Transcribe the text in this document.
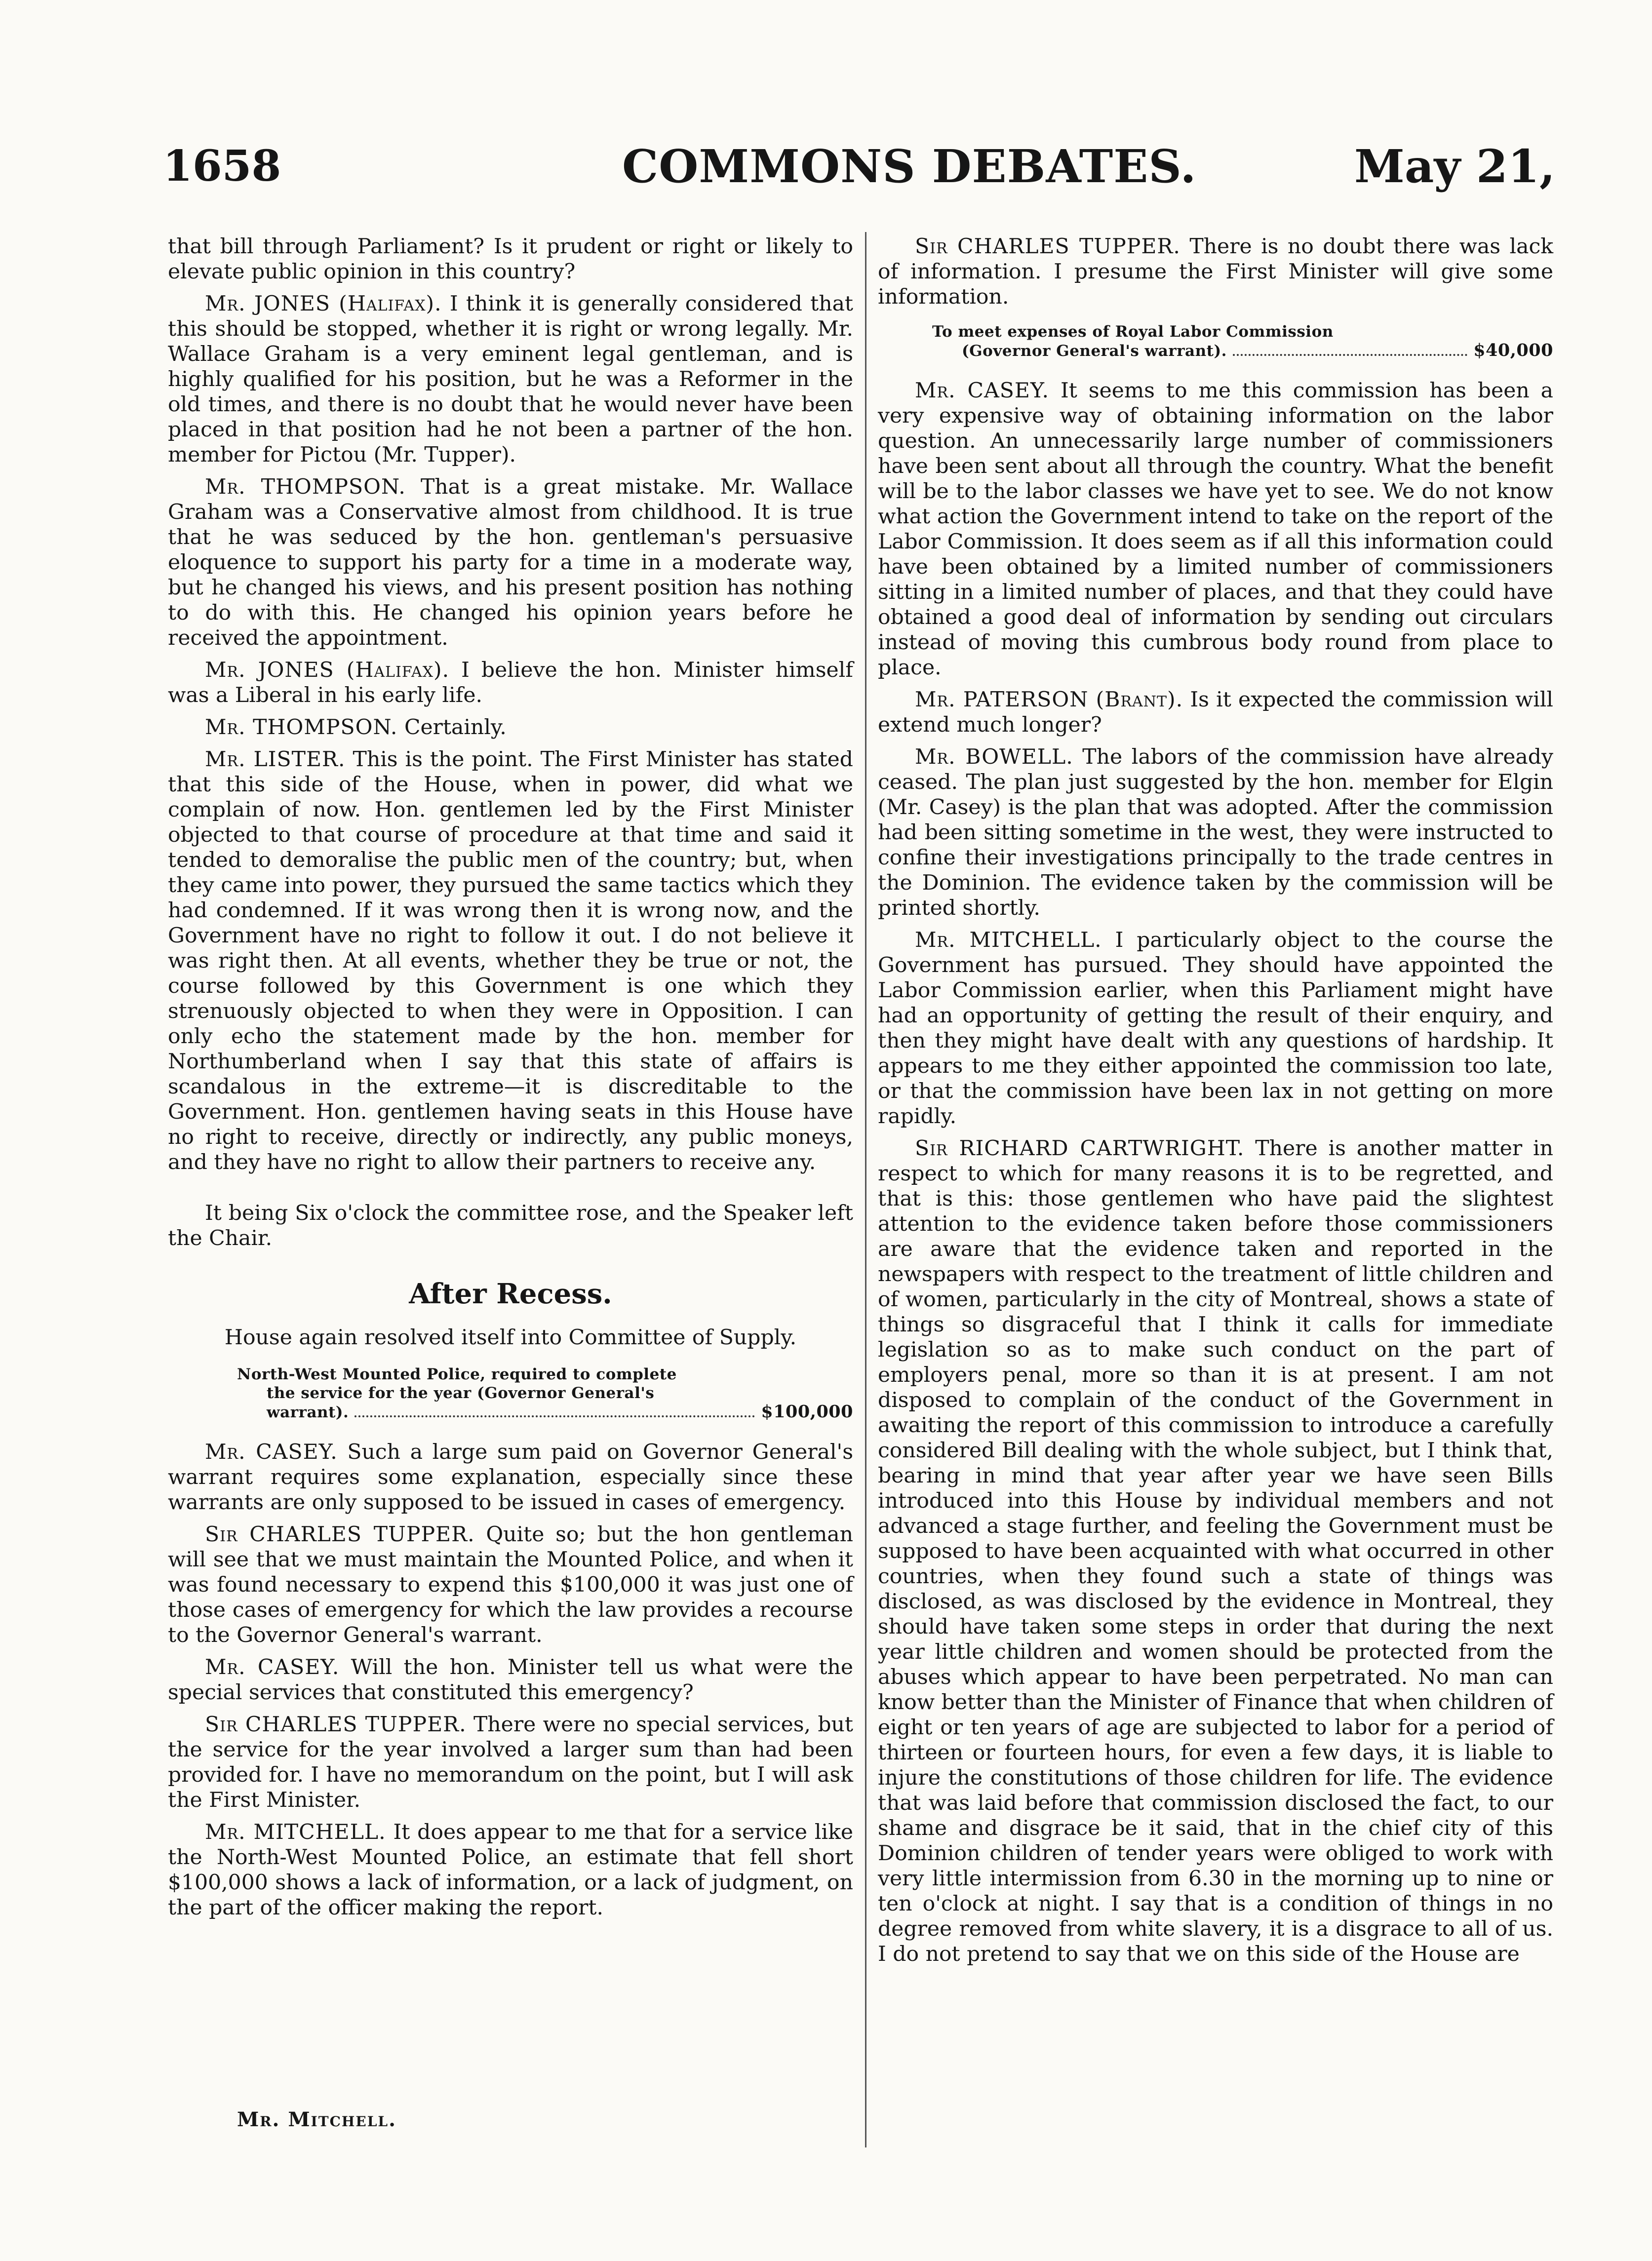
1658	COMMONS DEBATES.	May 21,

that bill through Parliament? Is it prudent or right or likely to elevate public opinion in this country?

Mr. JONES (Halifax). I think it is generally considered that this should be stopped, whether it is right or wrong legally. Mr. Wallace Graham is a very eminent legal gentleman, and is highly qualified for his position, but he was a Reformer in the old times, and there is no doubt that he would never have been placed in that position had he not been a partner of the hon. member for Pictou (Mr. Tupper).

Mr. THOMPSON. That is a great mistake. Mr. Wallace Graham was a Conservative almost from childhood. It is true that he was seduced by the hon. gentleman's persuasive eloquence to support his party for a time in a moderate way, but he changed his views, and his present position has nothing to do with this. He changed his opinion years before he received the appointment.

Mr. JONES (Halifax). I believe the hon. Minister himself was a Liberal in his early life.

Mr. THOMPSON. Certainly.

Mr. LISTER. This is the point. The First Minister has stated that this side of the House, when in power, did what we complain of now. Hon. gentlemen led by the First Minister objected to that course of procedure at that time and said it tended to demoralise the public men of the country; but, when they came into power, they pursued the same tactics which they had condemned. If it was wrong then it is wrong now, and the Government have no right to follow it out. I do not believe it was right then. At all events, whether they be true or not, the course followed by this Government is one which they strenuously objected to when they were in Opposition. I can only echo the statement made by the hon. member for Northumberland when I say that this state of affairs is scandalous in the extreme—it is discreditable to the Government. Hon. gentlemen having seats in this House have no right to receive, directly or indirectly, any public moneys, and they have no right to allow their partners to receive any.

It being Six o'clock the committee rose, and the Speaker left the Chair.

After Recess.

House again resolved itself into Committee of Supply.

North-West Mounted Police, required to complete
the service for the year (Governor General's
warrant).	$100,000

Mr. CASEY. Such a large sum paid on Governor General's warrant requires some explanation, especially since these warrants are only supposed to be issued in cases of emergency.

Sir CHARLES TUPPER. Quite so; but the hon gentleman will see that we must maintain the Mounted Police, and when it was found necessary to expend this $100,000 it was just one of those cases of emergency for which the law provides a recourse to the Governor General's warrant.

Mr. CASEY. Will the hon. Minister tell us what were the special services that constituted this emergency?

Sir CHARLES TUPPER. There were no special services, but the service for the year involved a larger sum than had been provided for. I have no memorandum on the point, but I will ask the First Minister.

Mr. MITCHELL. It does appear to me that for a service like the North-West Mounted Police, an estimate that fell short $100,000 shows a lack of information, or a lack of judgment, on the part of the officer making the report.

Sir CHARLES TUPPER. There is no doubt there was lack of information. I presume the First Minister will give some information.

To meet expenses of Royal Labor Commission
(Governor General's warrant).	$40,000

Mr. CASEY. It seems to me this commission has been a very expensive way of obtaining information on the labor question. An unnecessarily large number of commissioners have been sent about all through the country. What the benefit will be to the labor classes we have yet to see. We do not know what action the Government intend to take on the report of the Labor Commission. It does seem as if all this information could have been obtained by a limited number of commissioners sitting in a limited number of places, and that they could have obtained a good deal of information by sending out circulars instead of moving this cumbrous body round from place to place.

Mr. PATERSON (Brant). Is it expected the commission will extend much longer?

Mr. BOWELL. The labors of the commission have already ceased. The plan just suggested by the hon. member for Elgin (Mr. Casey) is the plan that was adopted. After the commission had been sitting sometime in the west, they were instructed to confine their investigations principally to the trade centres in the Dominion. The evidence taken by the commission will be printed shortly.

Mr. MITCHELL. I particularly object to the course the Government has pursued. They should have appointed the Labor Commission earlier, when this Parliament might have had an opportunity of getting the result of their enquiry, and then they might have dealt with any questions of hardship. It appears to me they either appointed the commission too late, or that the commission have been lax in not getting on more rapidly.

Sir RICHARD CARTWRIGHT. There is another matter in respect to which for many reasons it is to be regretted, and that is this: those gentlemen who have paid the slightest attention to the evidence taken before those commissioners are aware that the evidence taken and reported in the newspapers with respect to the treatment of little children and of women, particularly in the city of Montreal, shows a state of things so disgraceful that I think it calls for immediate legislation so as to make such conduct on the part of employers penal, more so than it is at present. I am not disposed to complain of the conduct of the Government in awaiting the report of this commission to introduce a carefully considered Bill dealing with the whole subject, but I think that, bearing in mind that year after year we have seen Bills introduced into this House by individual members and not advanced a stage further, and feeling the Government must be supposed to have been acquainted with what occurred in other countries, when they found such a state of things was disclosed, as was disclosed by the evidence in Montreal, they should have taken some steps in order that during the next year little children and women should be protected from the abuses which appear to have been perpetrated. No man can know better than the Minister of Finance that when children of eight or ten years of age are subjected to labor for a period of thirteen or fourteen hours, for even a few days, it is liable to injure the constitutions of those children for life. The evidence that was laid before that commission disclosed the fact, to our shame and disgrace be it said, that in the chief city of this Dominion children of tender years were obliged to work with very little intermission from 6.30 in the morning up to nine or ten o'clock at night. I say that is a condition of things in no degree removed from white slavery, it is a disgrace to all of us. I do not pretend to say that we on this side of the House are

Mr. Mitchell.
